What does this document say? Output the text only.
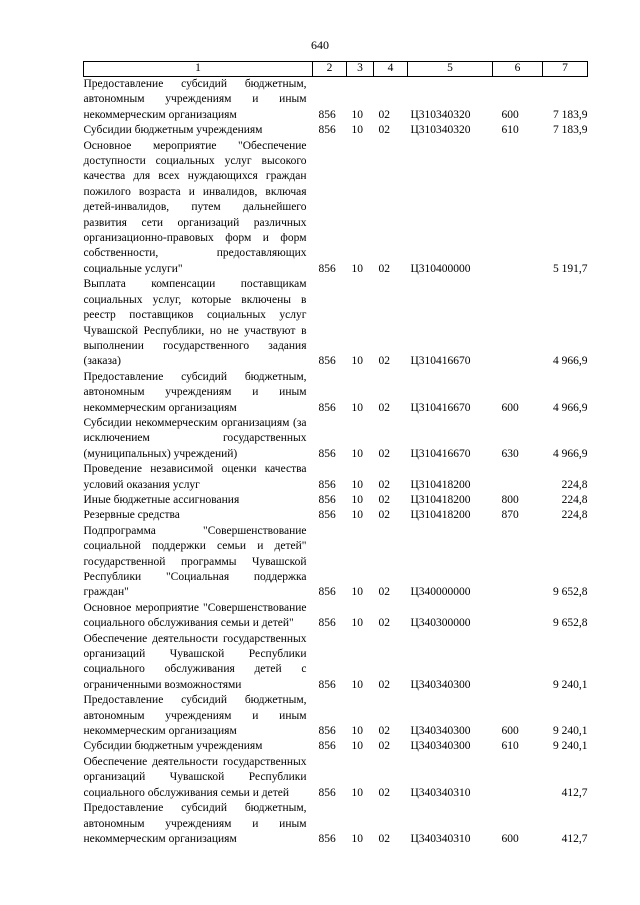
640
1	2	3	4	5	6	7
Предоставление субсидий бюджетным, автономным учреждениям и иным некоммерческим организациям	856	10	02	Ц310340320	600	7 183,9
Субсидии бюджетным учреждениям	856	10	02	Ц310340320	610	7 183,9
Основное мероприятие "Обеспечение доступности социальных услуг высокого качества для всех нуждающихся граждан пожилого возраста и инвалидов, включая детей-инвалидов, путем дальнейшего развития сети организаций различных организационно-правовых форм и форм собственности, предоставляющих социальные услуги"	856	10	02	Ц310400000		5 191,7
Выплата компенсации поставщикам социальных услуг, которые включены в реестр поставщиков социальных услуг Чувашской Республики, но не участвуют в выполнении государственного задания (заказа)	856	10	02	Ц310416670		4 966,9
Предоставление субсидий бюджетным, автономным учреждениям и иным некоммерческим организациям	856	10	02	Ц310416670	600	4 966,9
Субсидии некоммерческим организациям (за исключением государственных (муниципальных) учреждений)	856	10	02	Ц310416670	630	4 966,9
Проведение независимой оценки качества условий оказания услуг	856	10	02	Ц310418200		224,8
Иные бюджетные ассигнования	856	10	02	Ц310418200	800	224,8
Резервные средства	856	10	02	Ц310418200	870	224,8
Подпрограмма "Совершенствование социальной поддержки семьи и детей" государственной программы Чувашской Республики "Социальная поддержка граждан"	856	10	02	Ц340000000		9 652,8
Основное мероприятие "Совершенствование социального обслуживания семьи и детей"	856	10	02	Ц340300000		9 652,8
Обеспечение деятельности государственных организаций Чувашской Республики социального обслуживания детей с ограниченными возможностями	856	10	02	Ц340340300		9 240,1
Предоставление субсидий бюджетным, автономным учреждениям и иным некоммерческим организациям	856	10	02	Ц340340300	600	9 240,1
Субсидии бюджетным учреждениям	856	10	02	Ц340340300	610	9 240,1
Обеспечение деятельности государственных организаций Чувашской Республики социального обслуживания семьи и детей	856	10	02	Ц340340310		412,7
Предоставление субсидий бюджетным, автономным учреждениям и иным некоммерческим организациям	856	10	02	Ц340340310	600	412,7
